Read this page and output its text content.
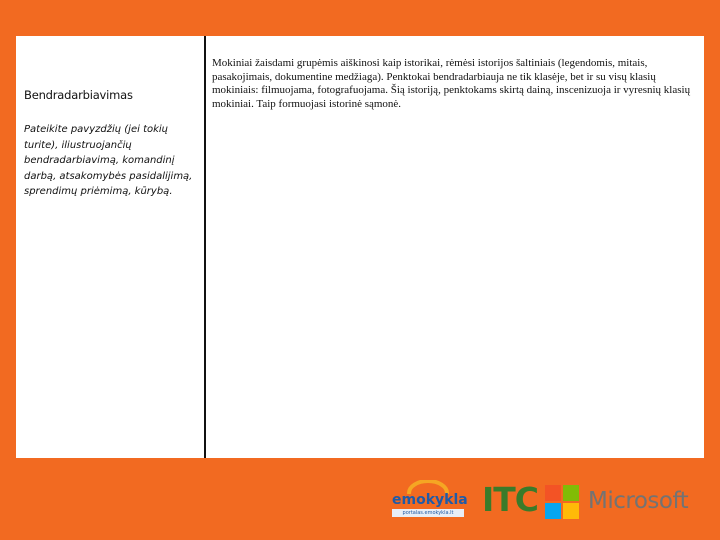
Bendradarbiavimas
Pateikite pavyzdžių (jei tokių turite), iliustruojančių bendradarbiavimą, komandinį darbą, atsakomybės pasidalijimą, sprendimų priėmimą, kūrybą.
Mokiniai žaisdami grupėmis aiškinosi kaip istorikai, rėmėsi istorijos šaltiniais (legendomis, mitais, pasakojimais, dokumentine medžiaga). Penktokai bendradarbiauja ne tik klasėje, bet ir su visų klasių mokiniais: filmuojama, fotografuojama. Šią istoriją, penktokams skirtą dainą, inscenizuoja ir vyresnių klasių mokiniai. Taip formuojasi istorinė sąmonė.
emokykla
portalas.emokykla.lt ITC Microsoft
